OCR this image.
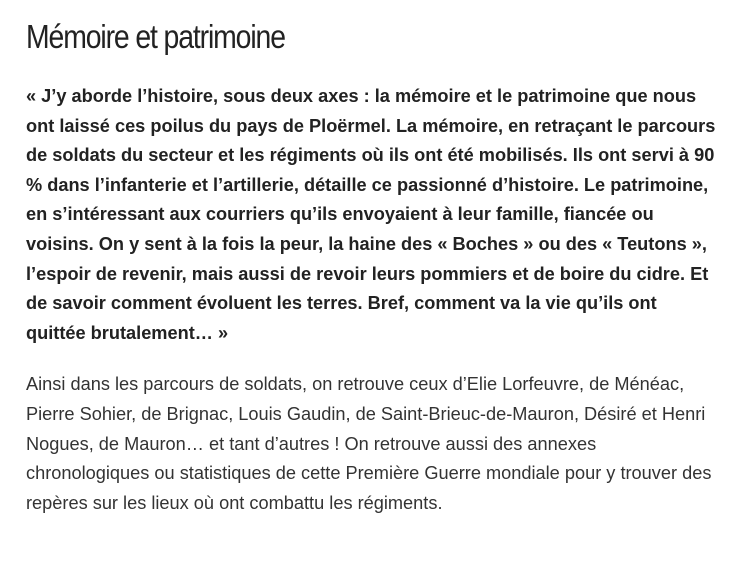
Mémoire et patrimoine

« J’y aborde l’histoire, sous deux axes : la mémoire et le patrimoine que nous ont laissé ces poilus du pays de Ploërmel. La mémoire, en retraçant le parcours de soldats du secteur et les régiments où ils ont été mobilisés. Ils ont servi à 90 % dans l’infanterie et l’artillerie, détaille ce passionné d’histoire. Le patrimoine, en s’intéressant aux courriers qu’ils envoyaient à leur famille, fiancée ou voisins. On y sent à la fois la peur, la haine des « Boches » ou des « Teutons », l’espoir de revenir, mais aussi de revoir leurs pommiers et de boire du cidre. Et de savoir comment évoluent les terres. Bref, comment va la vie qu’ils ont quittée brutalement… »

Ainsi dans les parcours de soldats, on retrouve ceux d’Elie Lorfeuvre, de Ménéac, Pierre Sohier, de Brignac, Louis Gaudin, de Saint-Brieuc-de-Mauron, Désiré et Henri Nogues, de Mauron… et tant d’autres ! On retrouve aussi des annexes chronologiques ou statistiques de cette Première Guerre mondiale pour y trouver des repères sur les lieux où ont combattu les régiments.
